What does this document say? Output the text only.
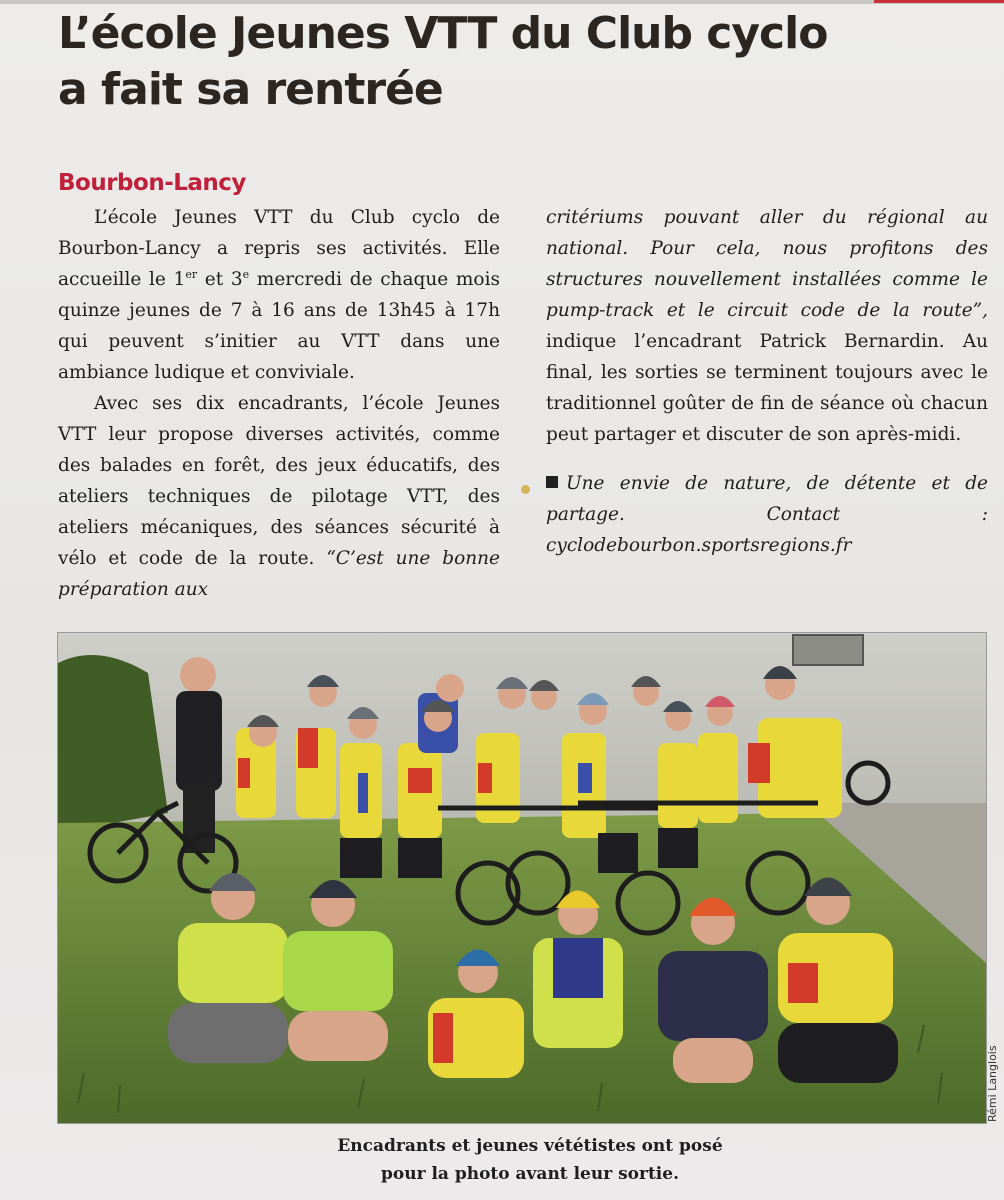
L’école Jeunes VTT du Club cyclo
a fait sa rentrée
Bourbon-Lancy

L’école Jeunes VTT du Club cyclo de Bourbon-Lancy a repris ses activités. Elle accueille le 1er et 3e mercredi de chaque mois quinze jeunes de 7 à 16 ans de 13h45 à 17h qui peuvent s’initier au VTT dans une ambiance ludique et conviviale.

Avec ses dix encadrants, l’école Jeunes VTT leur propose diverses activités, comme des balades en forêt, des jeux éducatifs, des ateliers techniques de pilotage VTT, des ateliers mécaniques, des séances sécurité à vélo et code de la route. “C’est une bonne préparation aux

critériums pouvant aller du régional au national. Pour cela, nous profitons des structures nouvellement installées comme le pump-track et le circuit code de la route”, indique l’encadrant Patrick Bernardin. Au final, les sorties se terminent toujours avec le traditionnel goûter de fin de séance où chacun peut partager et discuter de son après-midi.

Une envie de nature, de détente et de partage. Contact : cyclodebourbon.sportsregions.fr

Rémi Langlois
Encadrants et jeunes vététistes ont posé
pour la photo avant leur sortie.
